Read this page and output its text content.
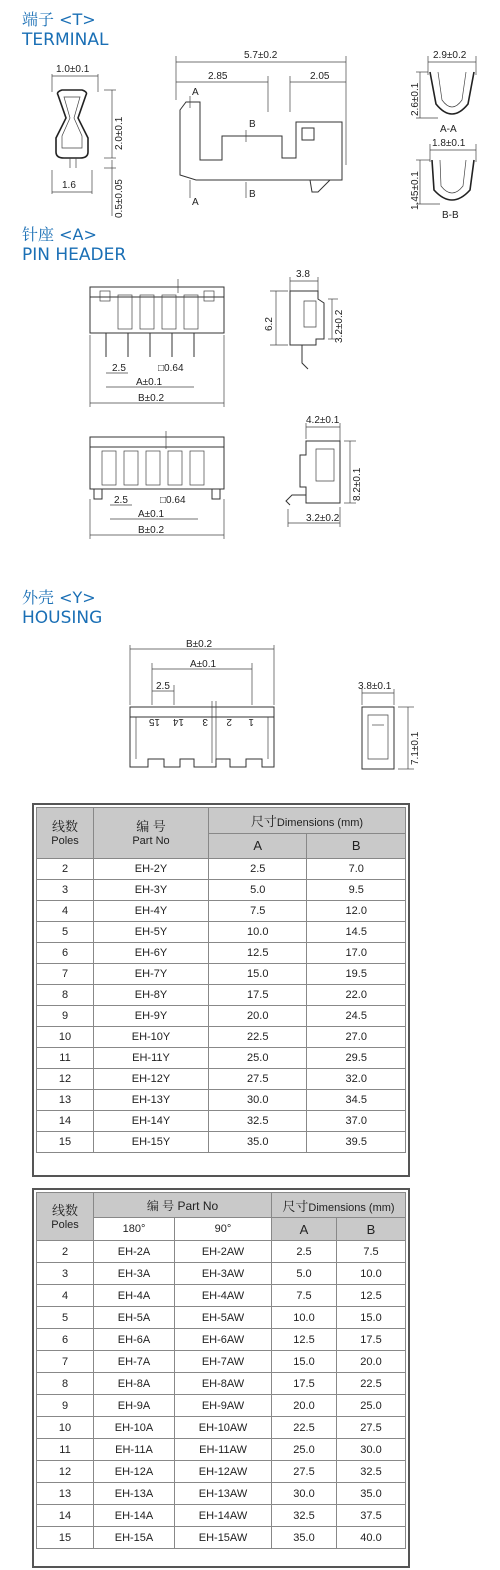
端子 <T>
TERMINAL
针座 <A>
PIN HEADER
外壳 <Y>
HOUSING
1.0±0.1
2.0±0.1
0.5±0.05
1.6
5.7±0.2
2.85	2.05
A
A
B
B
2.9±0.2
2.6±0.1
A-A
1.8±0.1
1.45±0.1
B-B
2.5	□0.64
A±0.1
B±0.2
3.8
6.2	3.2±0.2
2.5	□0.64
A±0.1
B±0.2
4.2±0.1
8.2±0.1
3.2±0.2
B±0.2
A±0.1
2.5
15 14 3 2 1
3.8±0.1
7.1±0.1
线数
Poles	编 号
Part No	尺寸Dimensions (mm)	
		A	B
2	EH-2Y	2.5	7.0
3	EH-3Y	5.0	9.5
4	EH-4Y	7.5	12.0
5	EH-5Y	10.0	14.5
6	EH-6Y	12.5	17.0
7	EH-7Y	15.0	19.5
8	EH-8Y	17.5	22.0
9	EH-9Y	20.0	24.5
10	EH-10Y	22.5	27.0
11	EH-11Y	25.0	29.5
12	EH-12Y	27.5	32.0
13	EH-13Y	30.0	34.5
14	EH-14Y	32.5	37.0
15	EH-15Y	35.0	39.5
线数
Poles	编 号 Part No		尺寸Dimensions (mm)	
	180°	90°	A	B
2	EH-2A	EH-2AW	2.5	7.5
3	EH-3A	EH-3AW	5.0	10.0
4	EH-4A	EH-4AW	7.5	12.5
5	EH-5A	EH-5AW	10.0	15.0
6	EH-6A	EH-6AW	12.5	17.5
7	EH-7A	EH-7AW	15.0	20.0
8	EH-8A	EH-8AW	17.5	22.5
9	EH-9A	EH-9AW	20.0	25.0
10	EH-10A	EH-10AW	22.5	27.5
11	EH-11A	EH-11AW	25.0	30.0
12	EH-12A	EH-12AW	27.5	32.5
13	EH-13A	EH-13AW	30.0	35.0
14	EH-14A	EH-14AW	32.5	37.5
15	EH-15A	EH-15AW	35.0	40.0
